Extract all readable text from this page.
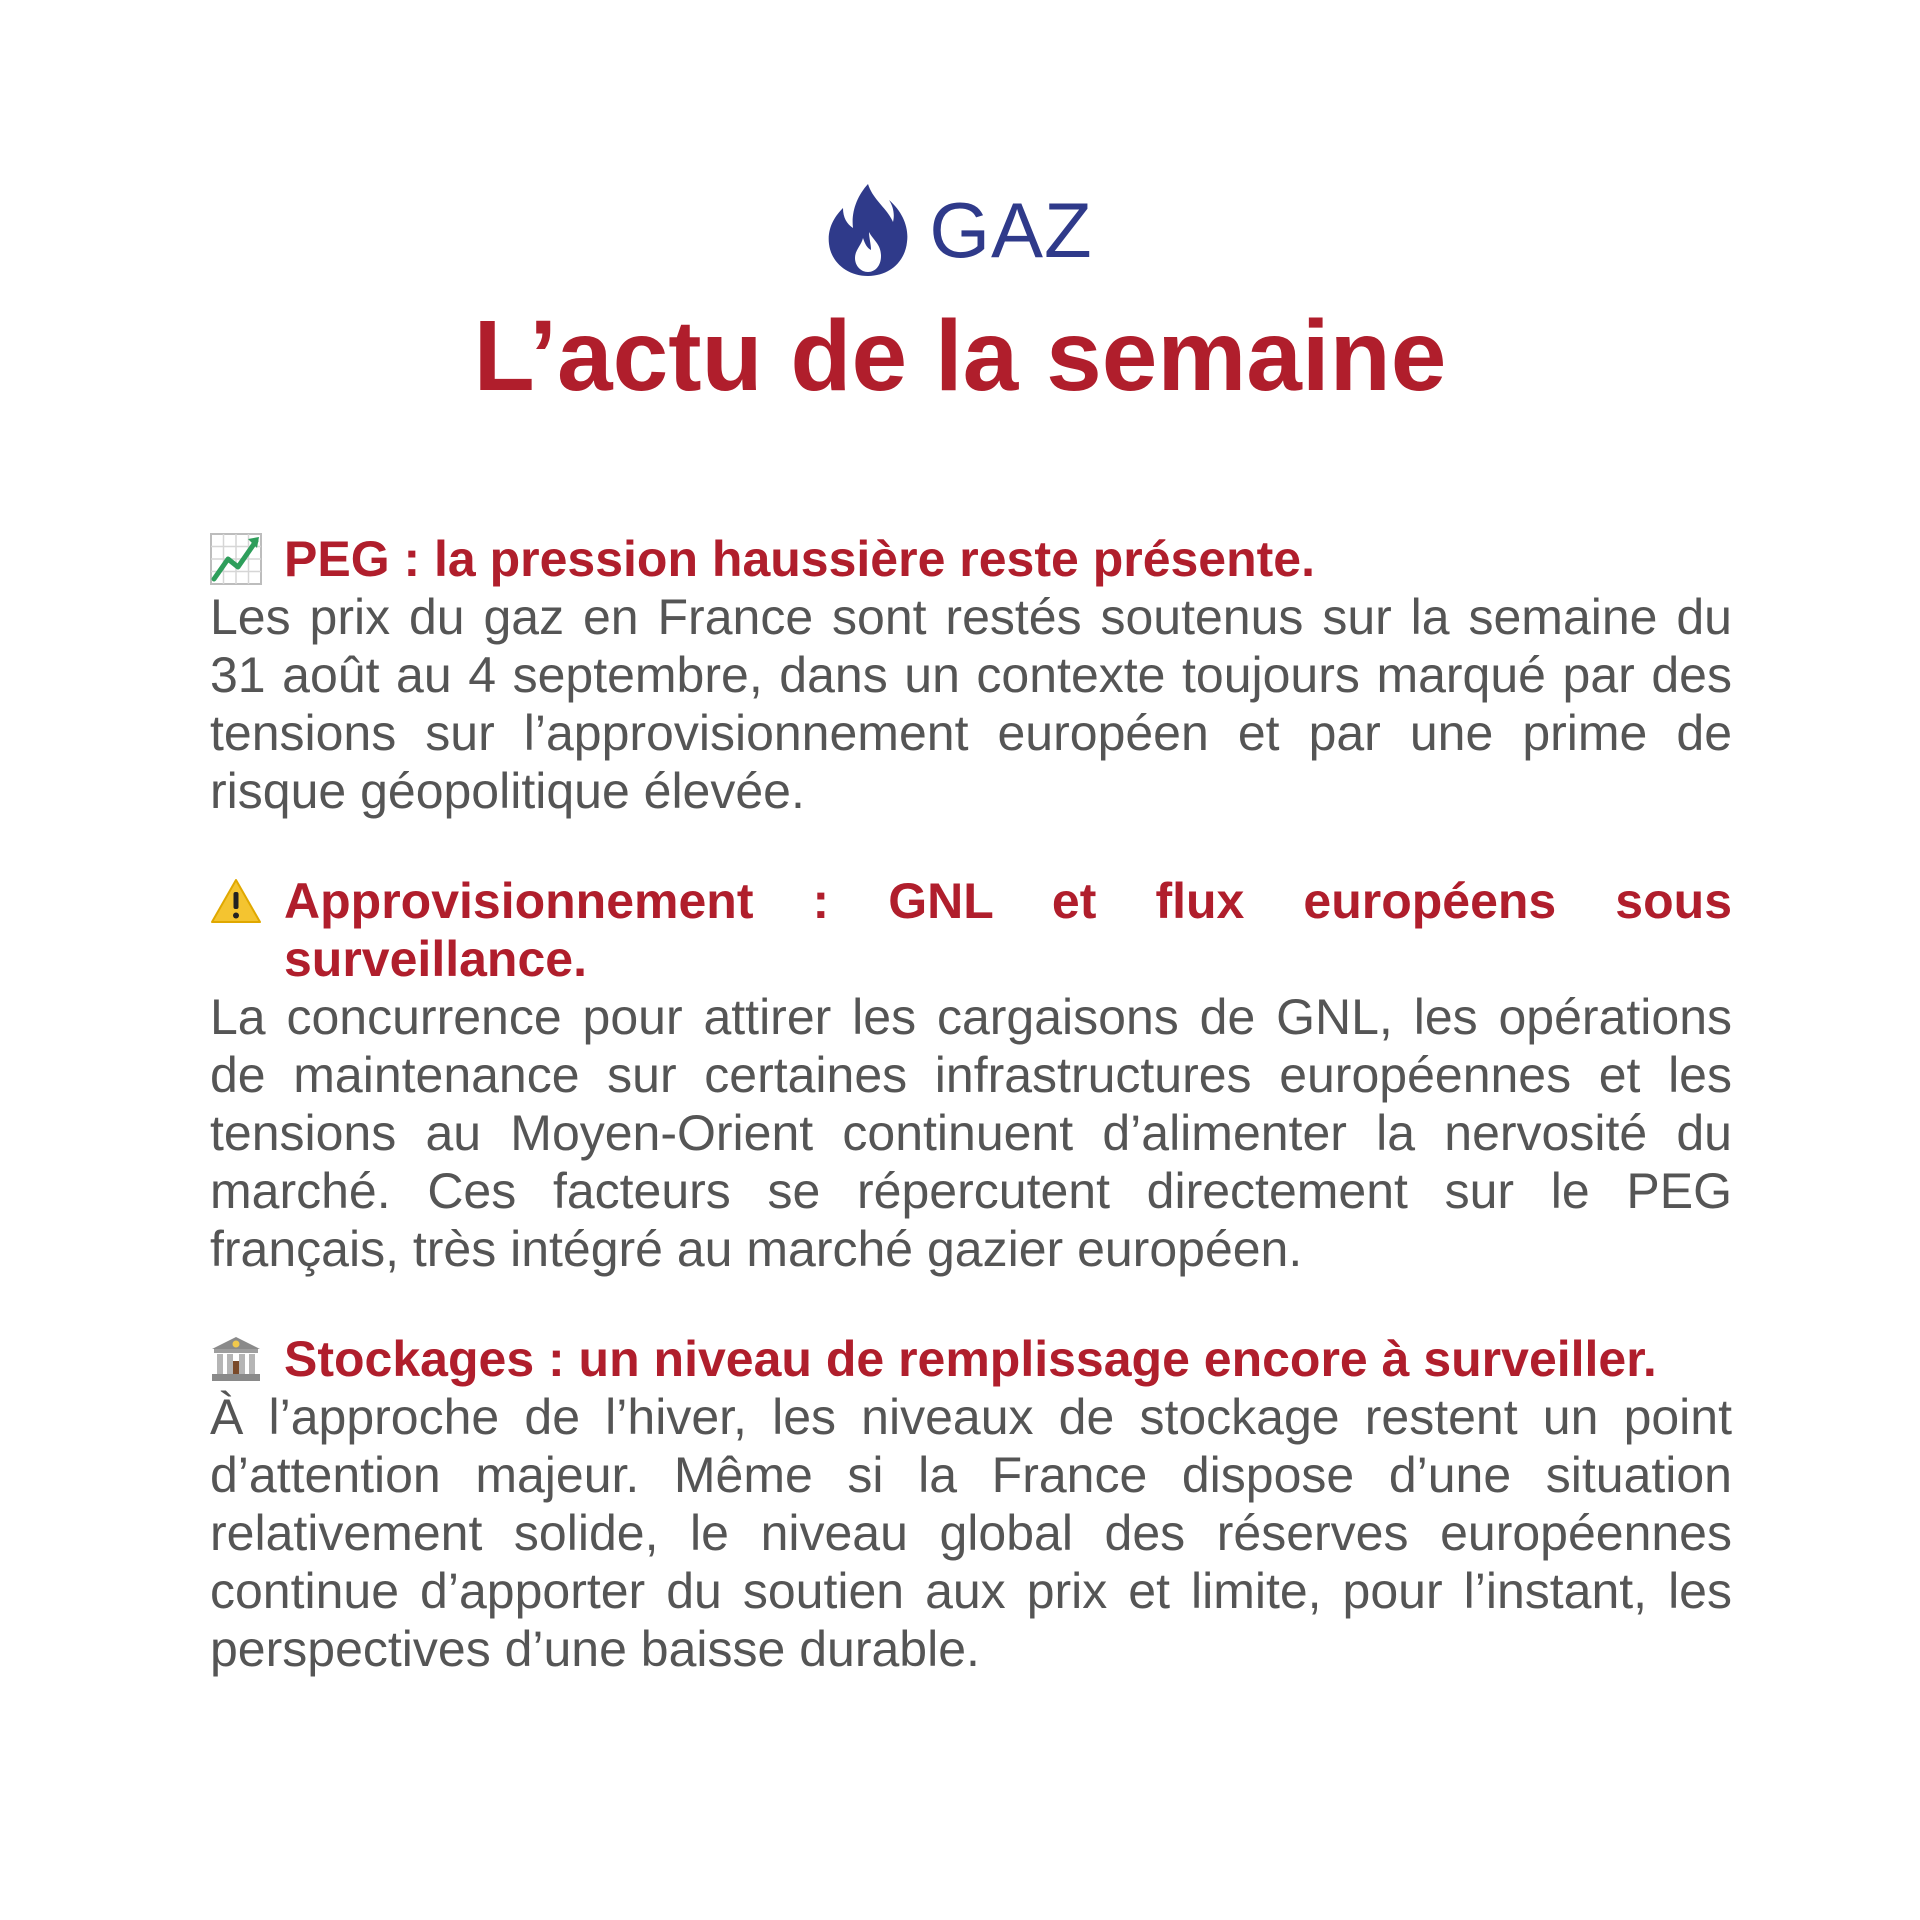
GAZ
L’actu de la semaine
PEG : la pression haussière reste présente.

Les prix du gaz en France sont restés soutenus sur la semaine du 31 août au 4 septembre, dans un contexte toujours marqué par des tensions sur l’approvisionnement européen et par une prime de risque géopolitique élevée.

Approvisionnement : GNL et flux européens sous surveillance.

La concurrence pour attirer les cargaisons de GNL, les opérations de maintenance sur certaines infrastructures européennes et les tensions au Moyen-Orient continuent d’alimenter la nervosité du marché. Ces facteurs se répercutent directement sur le PEG français, très intégré au marché gazier européen.

Stockages : un niveau de remplissage encore à surveiller.

À l’approche de l’hiver, les niveaux de stockage restent un point d’attention majeur. Même si la France dispose d’une situation relativement solide, le niveau global des réserves européennes continue d’apporter du soutien aux prix et limite, pour l’instant, les perspectives d’une baisse durable.
